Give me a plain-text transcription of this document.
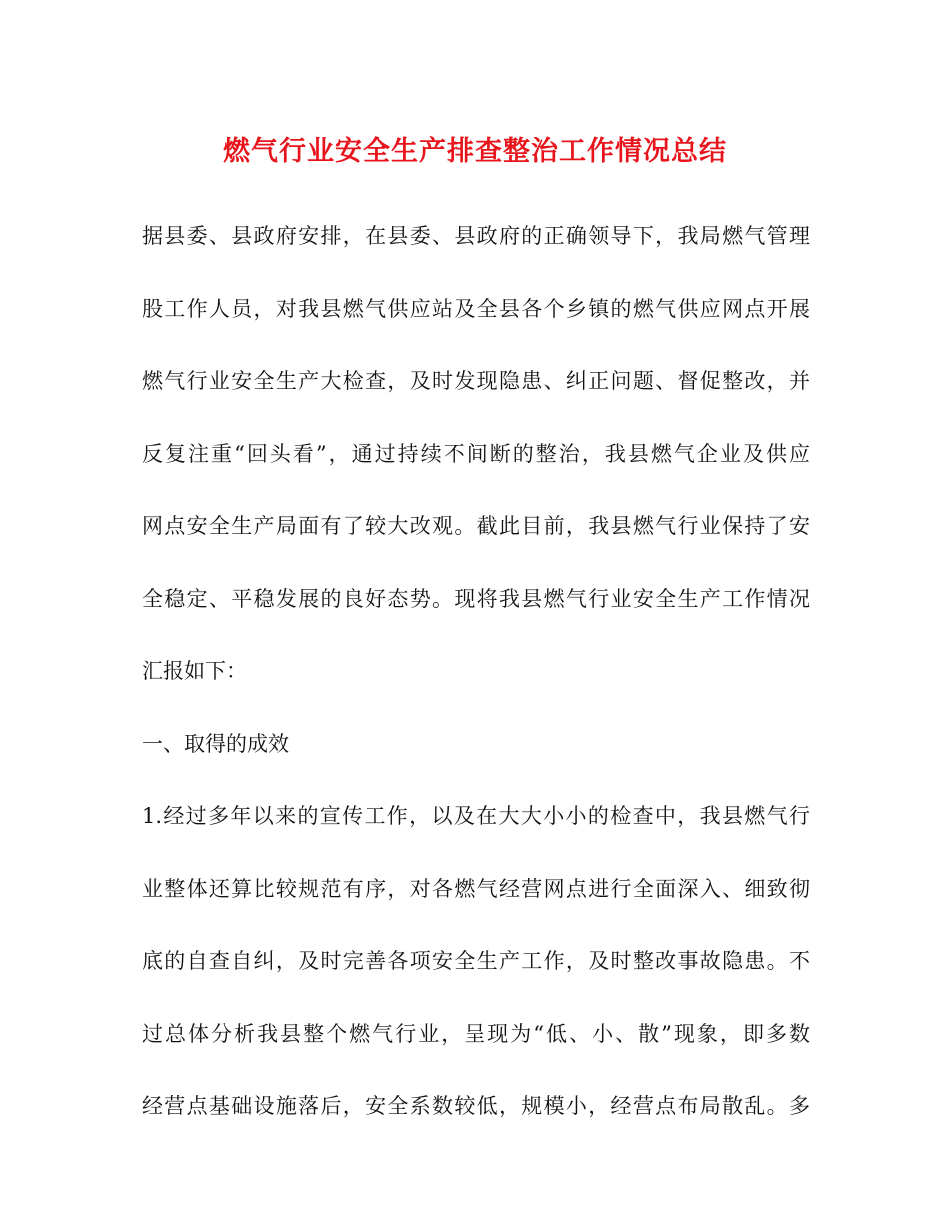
燃气行业安全生产排查整治工作情况总结
据县委、县政府安排，在县委、县政府的正确领导下，我局燃气管理
股工作人员，对我县燃气供应站及全县各个乡镇的燃气供应网点开展
燃气行业安全生产大检查，及时发现隐患、纠正问题、督促整改，并
反复注重“回头看”，通过持续不间断的整治，我县燃气企业及供应
网点安全生产局面有了较大改观。截此目前，我县燃气行业保持了安
全稳定、平稳发展的良好态势。现将我县燃气行业安全生产工作情况
汇报如下：
一、取得的成效
1.经过多年以来的宣传工作，以及在大大小小的检查中，我县燃气行
业整体还算比较规范有序，对各燃气经营网点进行全面深入、细致彻
底的自查自纠，及时完善各项安全生产工作，及时整改事故隐患。不
过总体分析我县整个燃气行业，呈现为“低、小、散”现象，即多数
经营点基础设施落后，安全系数较低，规模小，经营点布局散乱。多
